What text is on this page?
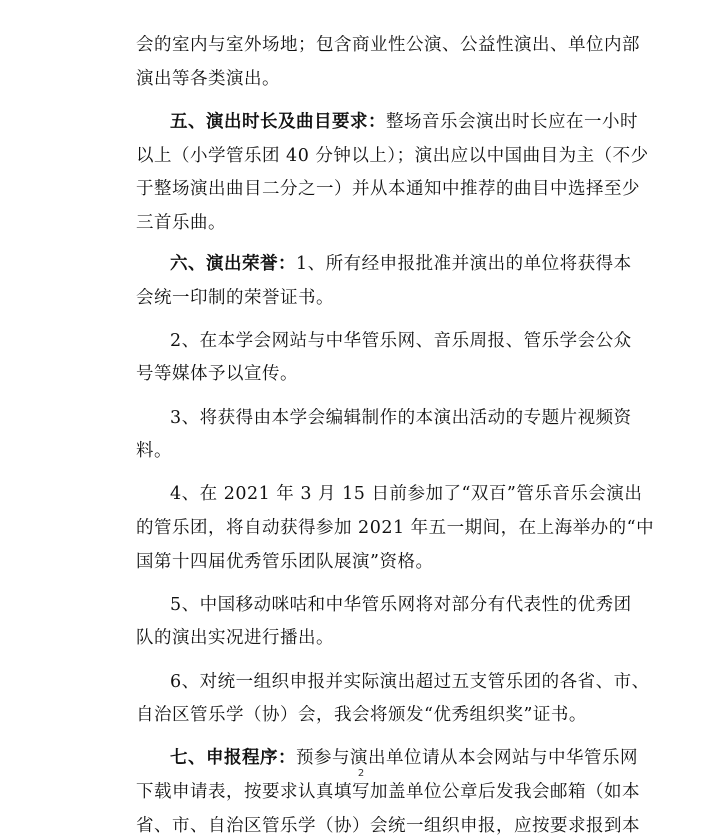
2
会的室内与室外场地；包含商业性公演、公益性演出、单位内部
演出等各类演出。
五、演出时长及曲目要求：整场音乐会演出时长应在一小时
以上（小学管乐团 40 分钟以上）；演出应以中国曲目为主（不少
于整场演出曲目二分之一）并从本通知中推荐的曲目中选择至少
三首乐曲。
六、演出荣誉：1、所有经申报批准并演出的单位将获得本
会统一印制的荣誉证书。
2、在本学会网站与中华管乐网、音乐周报、管乐学会公众
号等媒体予以宣传。
3、将获得由本学会编辑制作的本演出活动的专题片视频资
料。
4、在 2021 年 3 月 15 日前参加了“双百”管乐音乐会演出
的管乐团，将自动获得参加 2021 年五一期间，在上海举办的“中
国第十四届优秀管乐团队展演”资格。
5、中国移动咪咕和中华管乐网将对部分有代表性的优秀团
队的演出实况进行播出。
6、对统一组织申报并实际演出超过五支管乐团的各省、市、
自治区管乐学（协）会，我会将颁发“优秀组织奖”证书。
七、申报程序：预参与演出单位请从本会网站与中华管乐网
下载申请表，按要求认真填写加盖单位公章后发我会邮箱（如本
省、市、自治区管乐学（协）会统一组织申报，应按要求报到本
